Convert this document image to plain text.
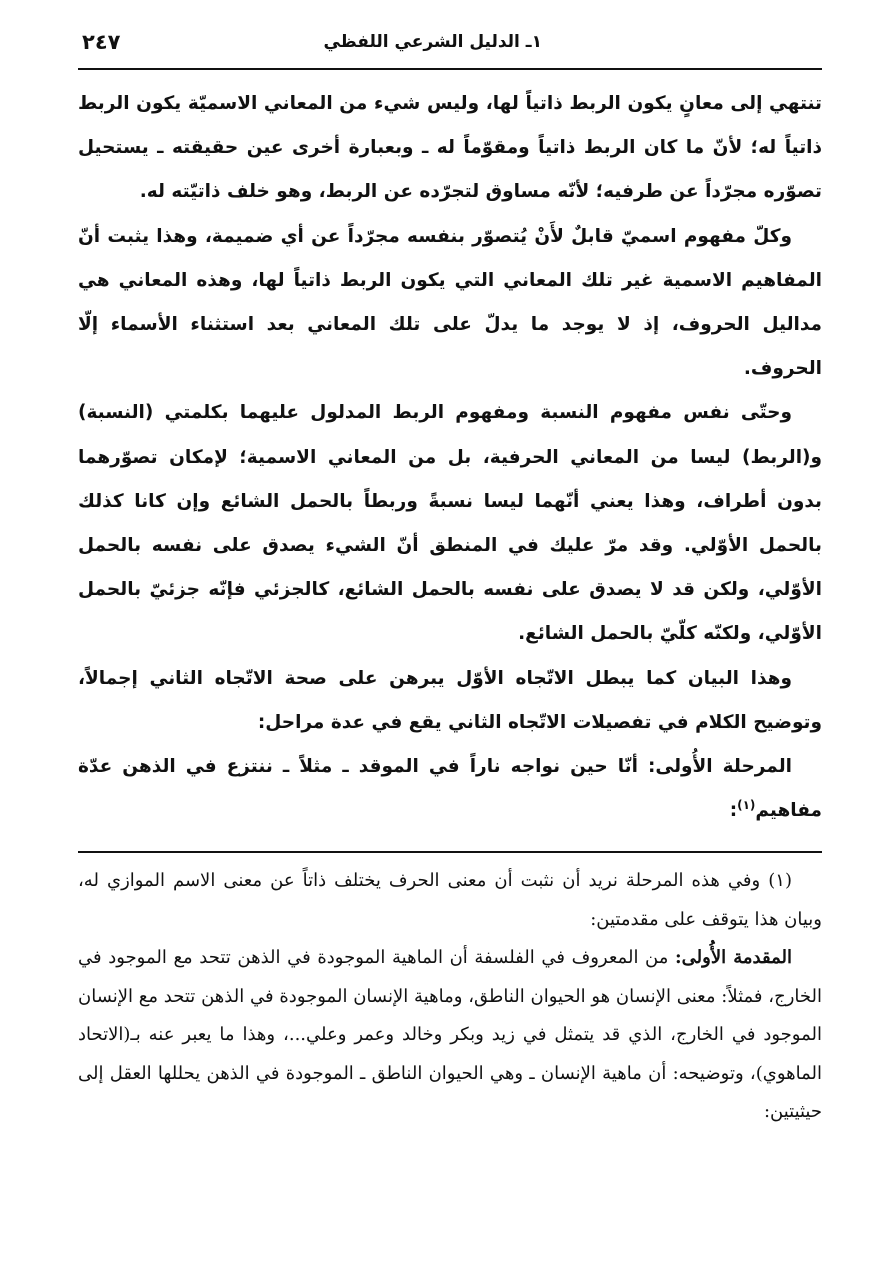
١ـ الدليل الشرعي اللفظي
٢٤٧

تنتهي إلى معانٍ يكون الربط ذاتياً لها، وليس شيء من المعاني الاسميّة يكون الربط ذاتياً له؛ لأنّ ما كان الربط ذاتياً ومقوّماً له ـ وبعبارة أخرى عين حقيقته ـ يستحيل تصوّره مجرّداً عن طرفيه؛ لأنّه مساوق لتجرّده عن الربط، وهو خلف ذاتيّته له.

وكلّ مفهوم اسميّ قابلٌ لأَنْ يُتصوّر بنفسه مجرّداً عن أي ضميمة، وهذا يثبت أنّ المفاهيم الاسمية غير تلك المعاني التي يكون الربط ذاتياً لها، وهذه المعاني هي مداليل الحروف، إذ لا يوجد ما يدلّ على تلك المعاني بعد استثناء الأسماء إلّا الحروف.

وحتّى نفس مفهوم النسبة ومفهوم الربط المدلول عليهما بكلمتي (النسبة) و(الربط) ليسا من المعاني الحرفية، بل من المعاني الاسمية؛ لإمكان تصوّرهما بدون أطراف، وهذا يعني أنّهما ليسا نسبةً وربطاً بالحمل الشائع وإن كانا كذلك بالحمل الأوّلي. وقد مرّ عليك في المنطق أنّ الشيء يصدق على نفسه بالحمل الأوّلي، ولكن قد لا يصدق على نفسه بالحمل الشائع، كالجزئي فإنّه جزئيّ بالحمل الأوّلي، ولكنّه كلّيّ بالحمل الشائع.

وهذا البيان كما يبطل الاتّجاه الأوّل يبرهن على صحة الاتّجاه الثاني إجمالاً، وتوضيح الكلام في تفصيلات الاتّجاه الثاني يقع في عدة مراحل:

المرحلة الأُولى: أنّا حين نواجه ناراً في الموقد ـ مثلاً ـ ننتزع في الذهن عدّة مفاهيم$^{(١)}$:

(١) وفي هذه المرحلة نريد أن نثبت أن معنى الحرف يختلف ذاتاً عن معنى الاسم الموازي له، وبيان هذا يتوقف على مقدمتين:

المقدمة الأُولى: من المعروف في الفلسفة أن الماهية الموجودة في الذهن تتحد مع الموجود في الخارج، فمثلاً: معنى الإنسان هو الحيوان الناطق، وماهية الإنسان الموجودة في الذهن تتحد مع الإنسان الموجود في الخارج، الذي قد يتمثل في زيد وبكر وخالد وعمر وعلي...، وهذا ما يعبر عنه بـ(الاتحاد الماهوي)، وتوضيحه: أن ماهية الإنسان ـ وهي الحيوان الناطق ـ الموجودة في الذهن يحللها العقل إلى حيثيتين:
